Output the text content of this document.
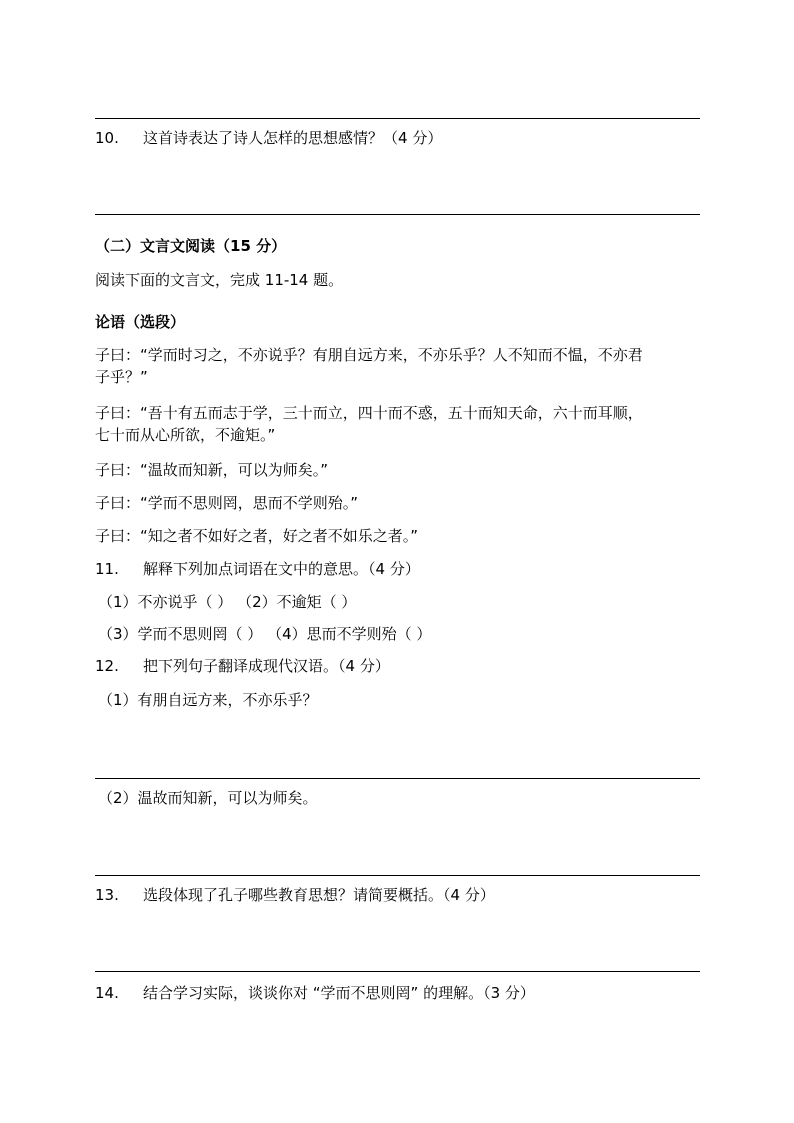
10. 这首诗表达了诗人怎样的思想感情？（4 分）
（二）文言文阅读（15 分）
阅读下面的文言文，完成 11-14 题。
论语（选段）
子曰：“学而时习之，不亦说乎？有朋自远方来，不亦乐乎？人不知而不愠，不亦君
子乎？”
子曰：“吾十有五而志于学，三十而立，四十而不惑，五十而知天命，六十而耳顺，
七十而从心所欲，不逾矩。”
子曰：“温故而知新，可以为师矣。”
子曰：“学而不思则罔，思而不学则殆。”
子曰：“知之者不如好之者，好之者不如乐之者。”
11. 解释下列加点词语在文中的意思。（4 分）
（1）不亦说乎（ ） （2）不逾矩（ ）
（3）学而不思则罔（ ） （4）思而不学则殆（ ）
12. 把下列句子翻译成现代汉语。（4 分）
（1）有朋自远方来，不亦乐乎？
（2）温故而知新，可以为师矣。
13. 选段体现了孔子哪些教育思想？请简要概括。（4 分）
14. 结合学习实际，谈谈你对 “学而不思则罔” 的理解。（3 分）
